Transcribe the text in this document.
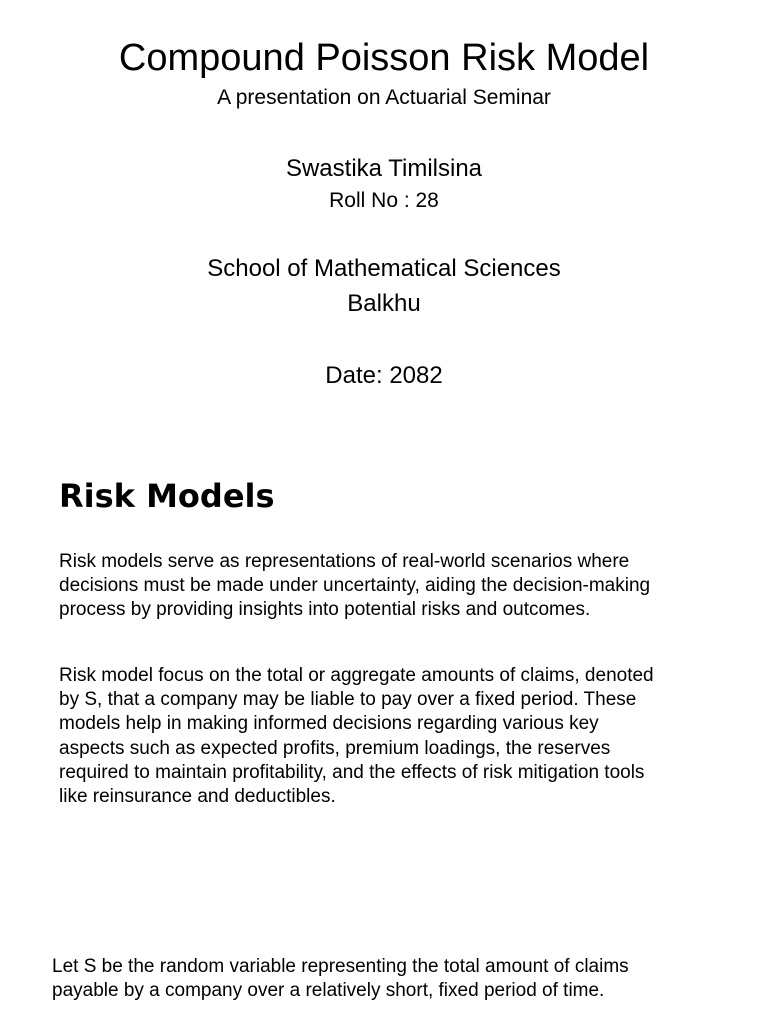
Compound Poisson Risk Model
A presentation on Actuarial Seminar
Swastika Timilsina
Roll No : 28
School of Mathematical Sciences
Balkhu
Date: 2082
Risk Models
Risk models serve as representations of real-world scenarios where
decisions must be made under uncertainty, aiding the decision-making
process by providing insights into potential risks and outcomes.
Risk model focus on the total or aggregate amounts of claims, denoted
by S, that a company may be liable to pay over a fixed period. These
models help in making informed decisions regarding various key
aspects such as expected profits, premium loadings, the reserves
required to maintain profitability, and the effects of risk mitigation tools
like reinsurance and deductibles.
Let S be the random variable representing the total amount of claims
payable by a company over a relatively short, fixed period of time.
